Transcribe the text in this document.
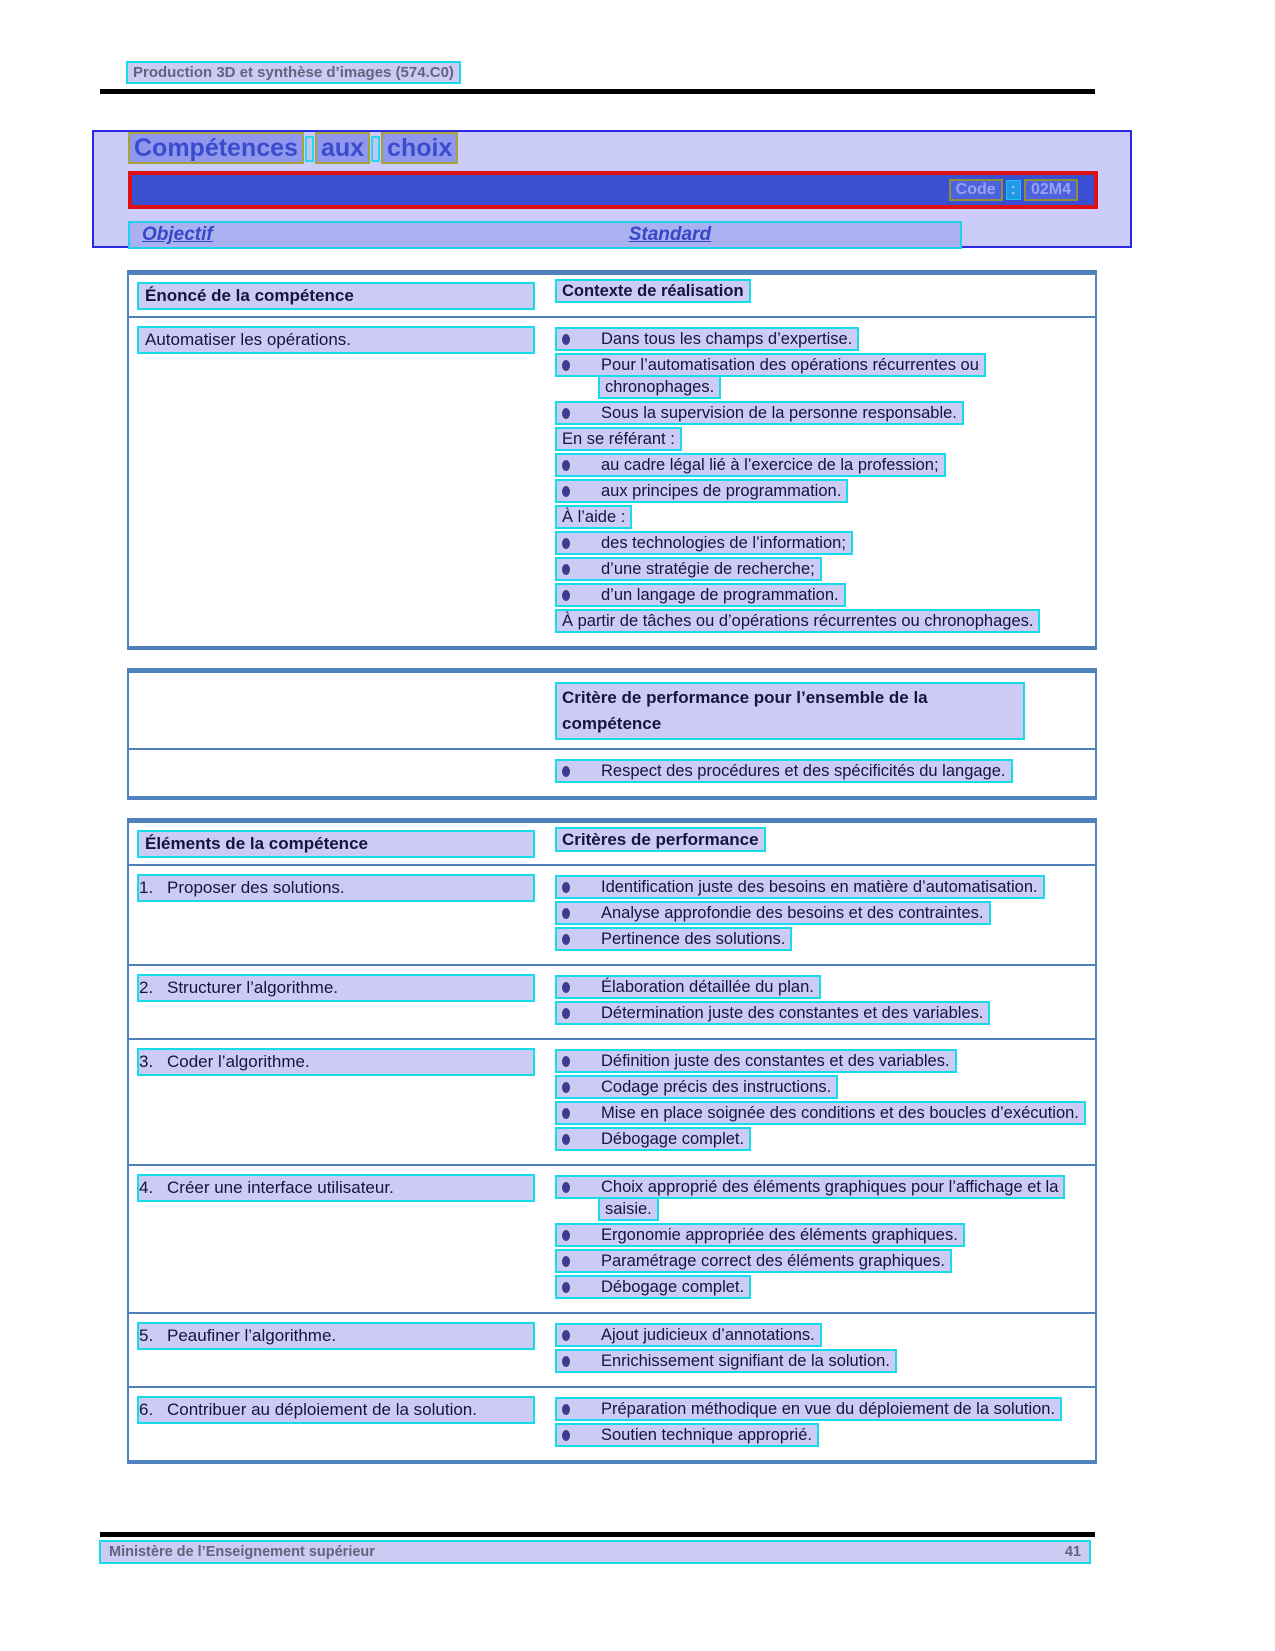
Production 3D et synthèse d’images (574.C0)
Compétences aux choix
Code : 02M4
Objectif	Standard
Énoncé de la compétence	Contexte de réalisation
Automatiser les opérations.	Dans tous les champs d’expertise.
Pour l’automatisation des opérations récurrentes ou chronophages.
Sous la supervision de la personne responsable.
En se référant :
au cadre légal lié à l’exercice de la profession;
aux principes de programmation.
À l’aide :
des technologies de l’information;
d’une stratégie de recherche;
d’un langage de programmation.
À partir de tâches ou d’opérations récurrentes ou chronophages.
Critère de performance pour l’ensemble de la compétence
Respect des procédures et des spécificités du langage.
Éléments de la compétence	Critères de performance
1. Proposer des solutions.	Identification juste des besoins en matière d’automatisation.
Analyse approfondie des besoins et des contraintes.
Pertinence des solutions.
2. Structurer l’algorithme.	Élaboration détaillée du plan.
Détermination juste des constantes et des variables.
3. Coder l’algorithme.	Définition juste des constantes et des variables.
Codage précis des instructions.
Mise en place soignée des conditions et des boucles d’exécution.
Débogage complet.
4. Créer une interface utilisateur.	Choix approprié des éléments graphiques pour l’affichage et la saisie.
Ergonomie appropriée des éléments graphiques.
Paramétrage correct des éléments graphiques.
Débogage complet.
5. Peaufiner l’algorithme.	Ajout judicieux d’annotations.
Enrichissement signifiant de la solution.
6. Contribuer au déploiement de la solution.	Préparation méthodique en vue du déploiement de la solution.
Soutien technique approprié.
Ministère de l’Enseignement supérieur	41
